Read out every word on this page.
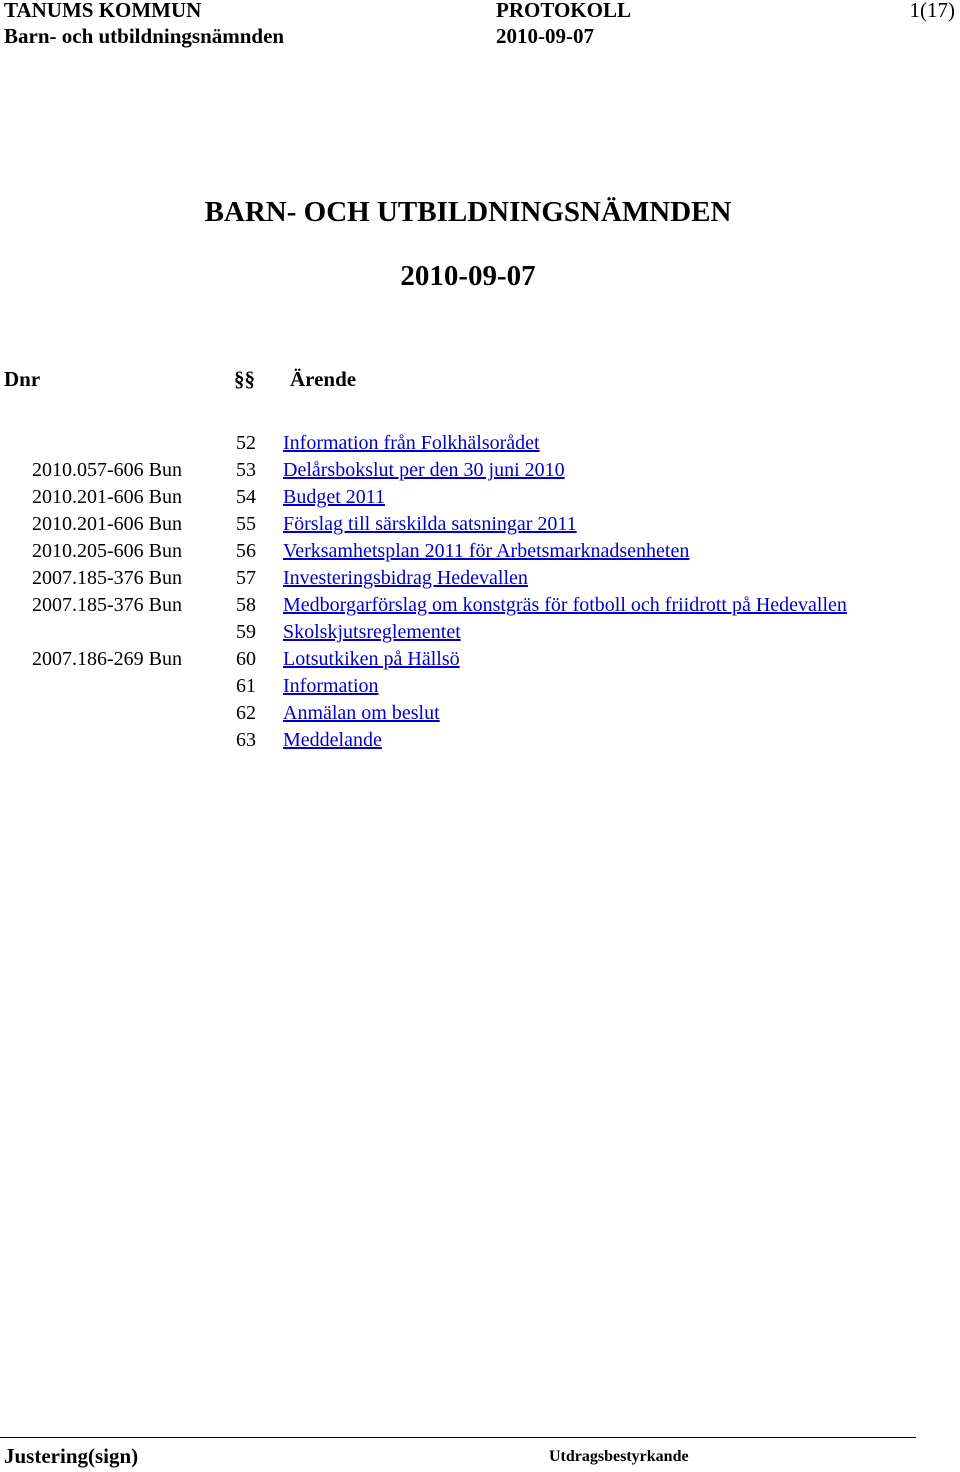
TANUMS KOMMUN
Barn- och utbildningsnämnden
PROTOKOLL
2010-09-07
1(17)
BARN- OCH UTBILDNINGSNÄMNDEN
2010-09-07
Dnr	§§ Ärende
52 Information från Folkhälsorådet
2010.057-606 Bun	53 Delårsbokslut per den 30 juni 2010
2010.201-606 Bun	54 Budget 2011
2010.201-606 Bun	55 Förslag till särskilda satsningar 2011
2010.205-606 Bun	56 Verksamhetsplan 2011 för Arbetsmarknadsenheten
2007.185-376 Bun	57 Investeringsbidrag Hedevallen
2007.185-376 Bun	58 Medborgarförslag om konstgräs för fotboll och friidrott på Hedevallen
59 Skolskjutsreglementet
2007.186-269 Bun	60 Lotsutkiken på Hällsö
61 Information
62 Anmälan om beslut
63 Meddelande
Justering(sign)	Utdragsbestyrkande
